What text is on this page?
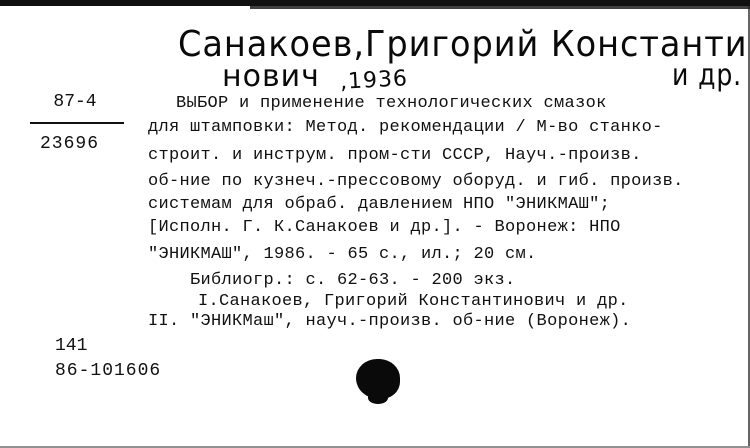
Санакоев,Григорий Константи
нович ,1936	и др.
87-4
23696
ВЫБОР и применение технологических смазок
для штамповки: Метод. рекомендации / М-во станко-
строит. и инструм. пром-сти СССР, Науч.-произв.
об-ние по кузнеч.-прессовому оборуд. и гиб. произв.
системам для обраб. давлением НПО "ЭНИКМАШ";
[Исполн. Г. К.Санакоев и др.]. - Воронеж: НПО
"ЭНИКМАШ", 1986. - 65 с., ил.; 20 см.
Библиогр.: с. 62-63. - 200 экз.
I.Санакоев, Григорий Константинович и др.
II. "ЭНИКМаш", науч.-произв. об-ние (Воронеж).
141
86-101606
